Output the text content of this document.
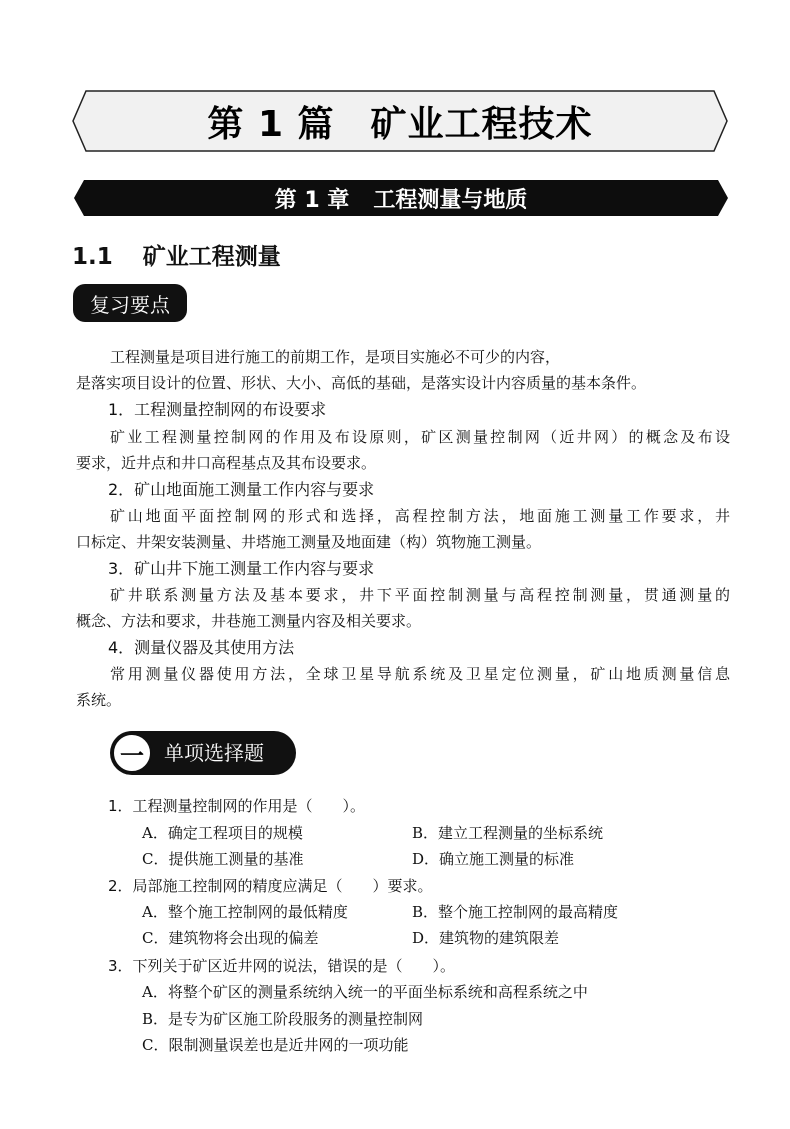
第 1 篇 矿业工程技术
第 1 章 工程测量与地质
1.1 矿业工程测量
复习要点
工程测量是项目进行施工的前期工作，是项目实施必不可少的内容，
是落实项目设计的位置、形状、大小、高低的基础，是落实设计内容质量的基本条件。
1．工程测量控制网的布设要求
矿业工程测量控制网的作用及布设原则，矿区测量控制网（近井网）的概念及布设
要求，近井点和井口高程基点及其布设要求。
2．矿山地面施工测量工作内容与要求
矿山地面平面控制网的形式和选择，高程控制方法，地面施工测量工作要求，井
口标定、井架安装测量、井塔施工测量及地面建（构）筑物施工测量。
3．矿山井下施工测量工作内容与要求
矿井联系测量方法及基本要求，井下平面控制测量与高程控制测量，贯通测量的
概念、方法和要求，井巷施工测量内容及相关要求。
4．测量仪器及其使用方法
常用测量仪器使用方法，全球卫星导航系统及卫星定位测量，矿山地质测量信息
系统。
一	单项选择题
1．工程测量控制网的作用是（　　）。
A．确定工程项目的规模	B．建立工程测量的坐标系统
C．提供施工测量的基准	D．确立施工测量的标准
2．局部施工控制网的精度应满足（　　）要求。
A．整个施工控制网的最低精度	B．整个施工控制网的最高精度
C．建筑物将会出现的偏差	D．建筑物的建筑限差
3．下列关于矿区近井网的说法，错误的是（　　）。
A．将整个矿区的测量系统纳入统一的平面坐标系统和高程系统之中
B．是专为矿区施工阶段服务的测量控制网
C．限制测量误差也是近井网的一项功能
